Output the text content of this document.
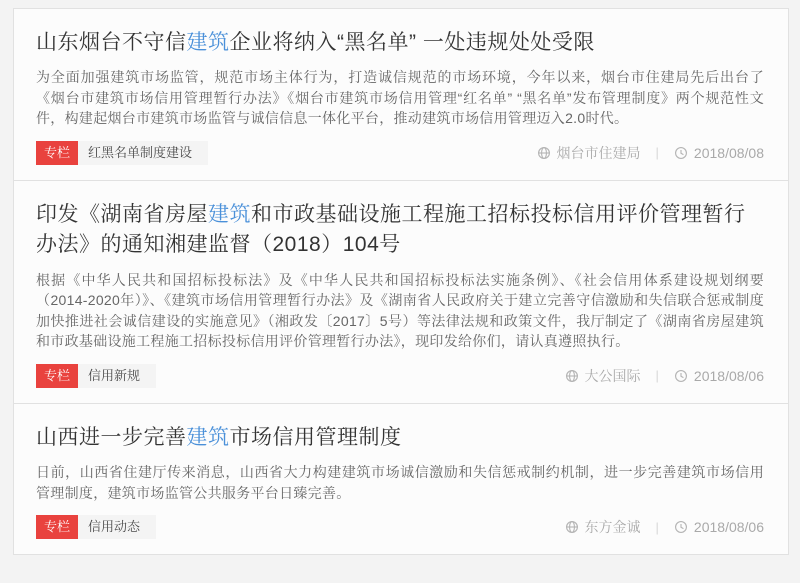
山东烟台不守信建筑企业将纳入“黑名单” 一处违规处处受限

为全面加强建筑市场监管，规范市场主体行为，打造诚信规范的市场环境，今年以来，烟台市住建局先后出台了《烟台市建筑市场信用管理暂行办法》《烟台市建筑市场信用管理“红名单” “黑名单”发布管理制度》两个规范性文件，构建起烟台市建筑市场监管与诚信信息一体化平台，推动建筑市场信用管理迈入2.0时代。

专栏	红黑名单制度建设	烟台市住建局 |	2018/08/08
印发《湖南省房屋建筑和市政基础设施工程施工招标投标信用评价管理暂行办法》的通知湘建监督（2018）104号

根据《中华人民共和国招标投标法》及《中华人民共和国招标投标法实施条例》、《社会信用体系建设规划纲要（2014-2020年）》、《建筑市场信用管理暂行办法》及《湖南省人民政府关于建立完善守信激励和失信联合惩戒制度加快推进社会诚信建设的实施意见》（湘政发〔2017〕5号）等法律法规和政策文件，我厅制定了《湖南省房屋建筑和市政基础设施工程施工招标投标信用评价管理暂行办法》，现印发给你们，请认真遵照执行。

专栏	信用新规	大公国际 |	2018/08/06
山西进一步完善建筑市场信用管理制度

日前，山西省住建厅传来消息，山西省大力构建建筑市场诚信激励和失信惩戒制约机制，进一步完善建筑市场信用管理制度，建筑市场监管公共服务平台日臻完善。

专栏	信用动态	东方金诚 |	2018/08/06
